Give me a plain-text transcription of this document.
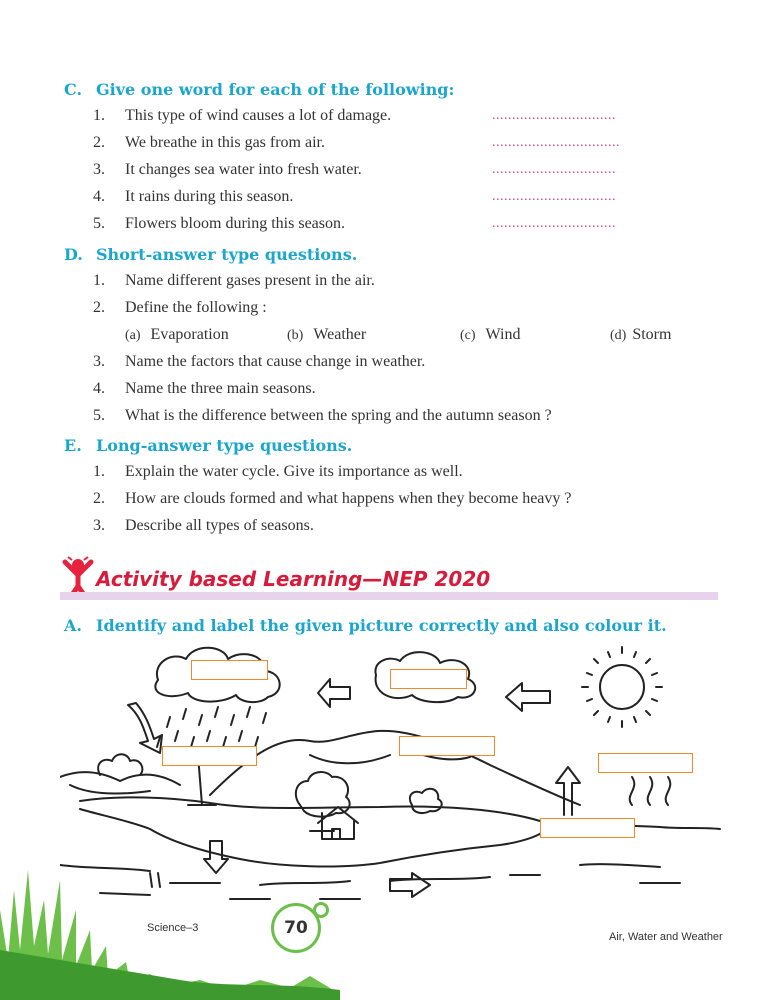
C. Give one word for each of the following:
1. This type of wind causes a lot of damage.	...............................
2. We breathe in this gas from air.	................................
3. It changes sea water into fresh water.	...............................
4. It rains during this season.	...............................
5. Flowers bloom during this season.	...............................
D. Short-answer type questions.
1. Name different gases present in the air.
2. Define the following :
(a) Evaporation	(b) Weather	(c) Wind	(d) Storm
3. Name the factors that cause change in weather.
4. Name the three main seasons.
5. What is the difference between the spring and the autumn season ?
E. Long-answer type questions.
1. Explain the water cycle. Give its importance as well.
2. How are clouds formed and what happens when they become heavy ?
3. Describe all types of seasons.
Activity based Learning—NEP 2020
A. Identify and label the given picture correctly and also colour it.
Science–3	70	Air, Water and Weather
